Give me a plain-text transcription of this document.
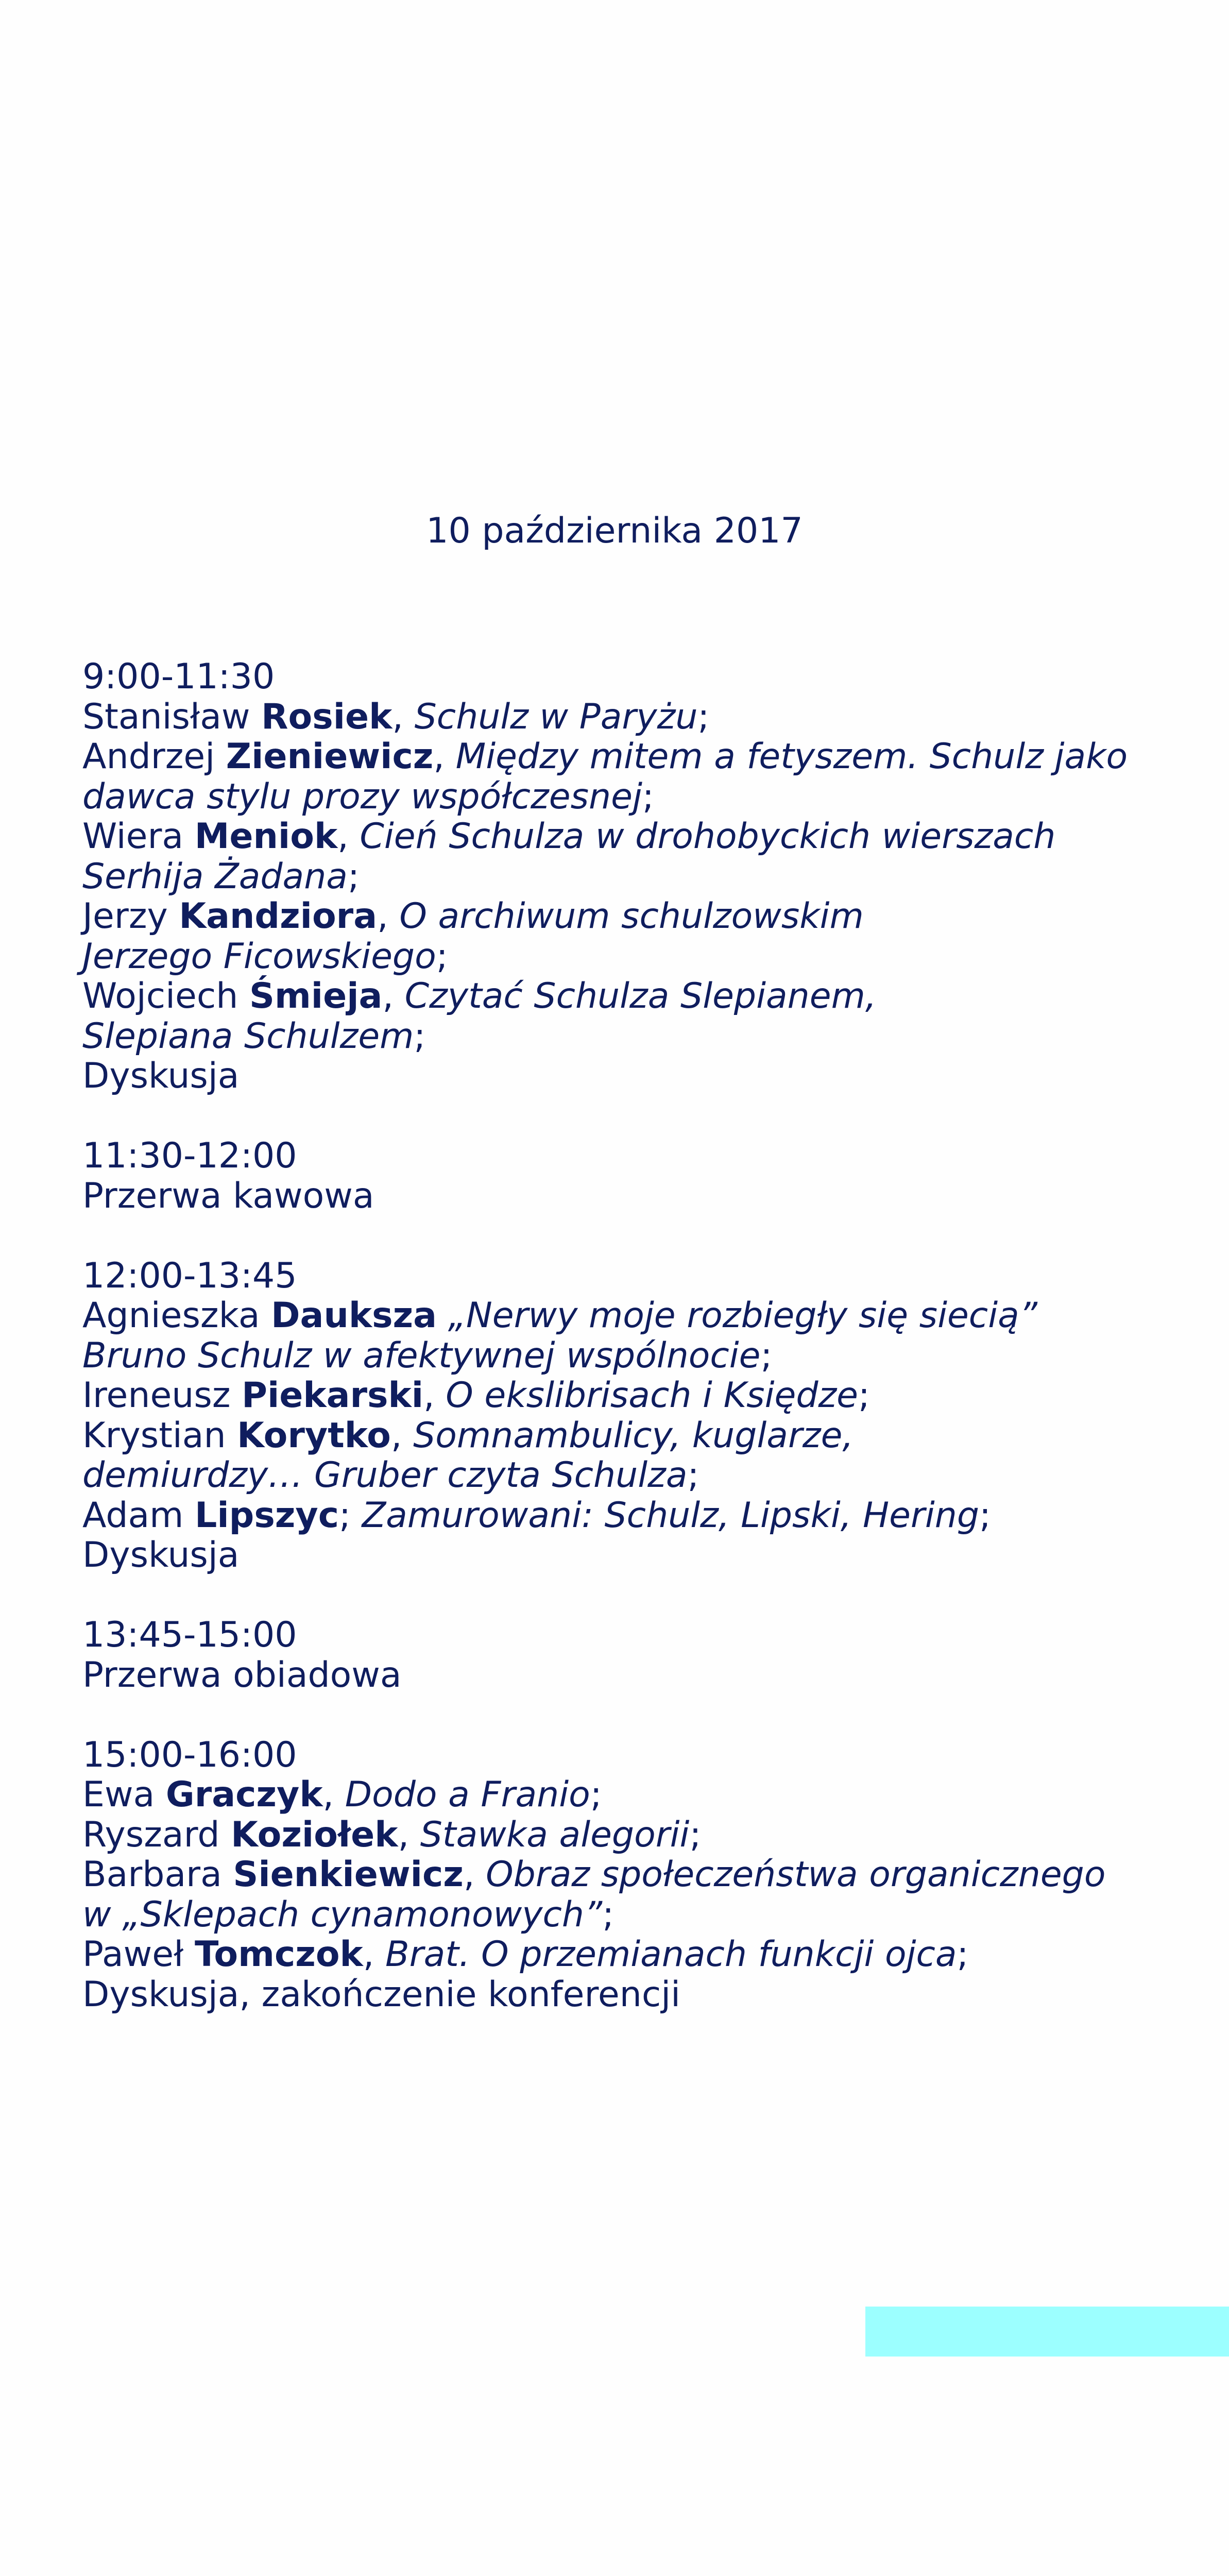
10 października 2017
9:00-11:30
Stanisław Rosiek, Schulz w Paryżu;
Andrzej Zieniewicz, Między mitem a fetyszem. Schulz jako
dawca stylu prozy współczesnej;
Wiera Meniok, Cień Schulza w drohobyckich wierszach
Serhija Żadana;
Jerzy Kandziora, O archiwum schulzowskim
Jerzego Ficowskiego;
Wojciech Śmieja, Czytać Schulza Slepianem,
Slepiana Schulzem;
Dyskusja
11:30-12:00
Przerwa kawowa
12:00-13:45
Agnieszka Dauksza „Nerwy moje rozbiegły się siecią”
Bruno Schulz w afektywnej wspólnocie;
Ireneusz Piekarski, O ekslibrisach i Księdze;
Krystian Korytko, Somnambulicy, kuglarze,
demiurdzy… Gruber czyta Schulza;
Adam Lipszyc; Zamurowani: Schulz, Lipski, Hering;
Dyskusja
13:45-15:00
Przerwa obiadowa
15:00-16:00
Ewa Graczyk, Dodo a Franio;
Ryszard Koziołek, Stawka alegorii;
Barbara Sienkiewicz, Obraz społeczeństwa organicznego
w „Sklepach cynamonowych”;
Paweł Tomczok, Brat. O przemianach funkcji ojca;
Dyskusja, zakończenie konferencji
